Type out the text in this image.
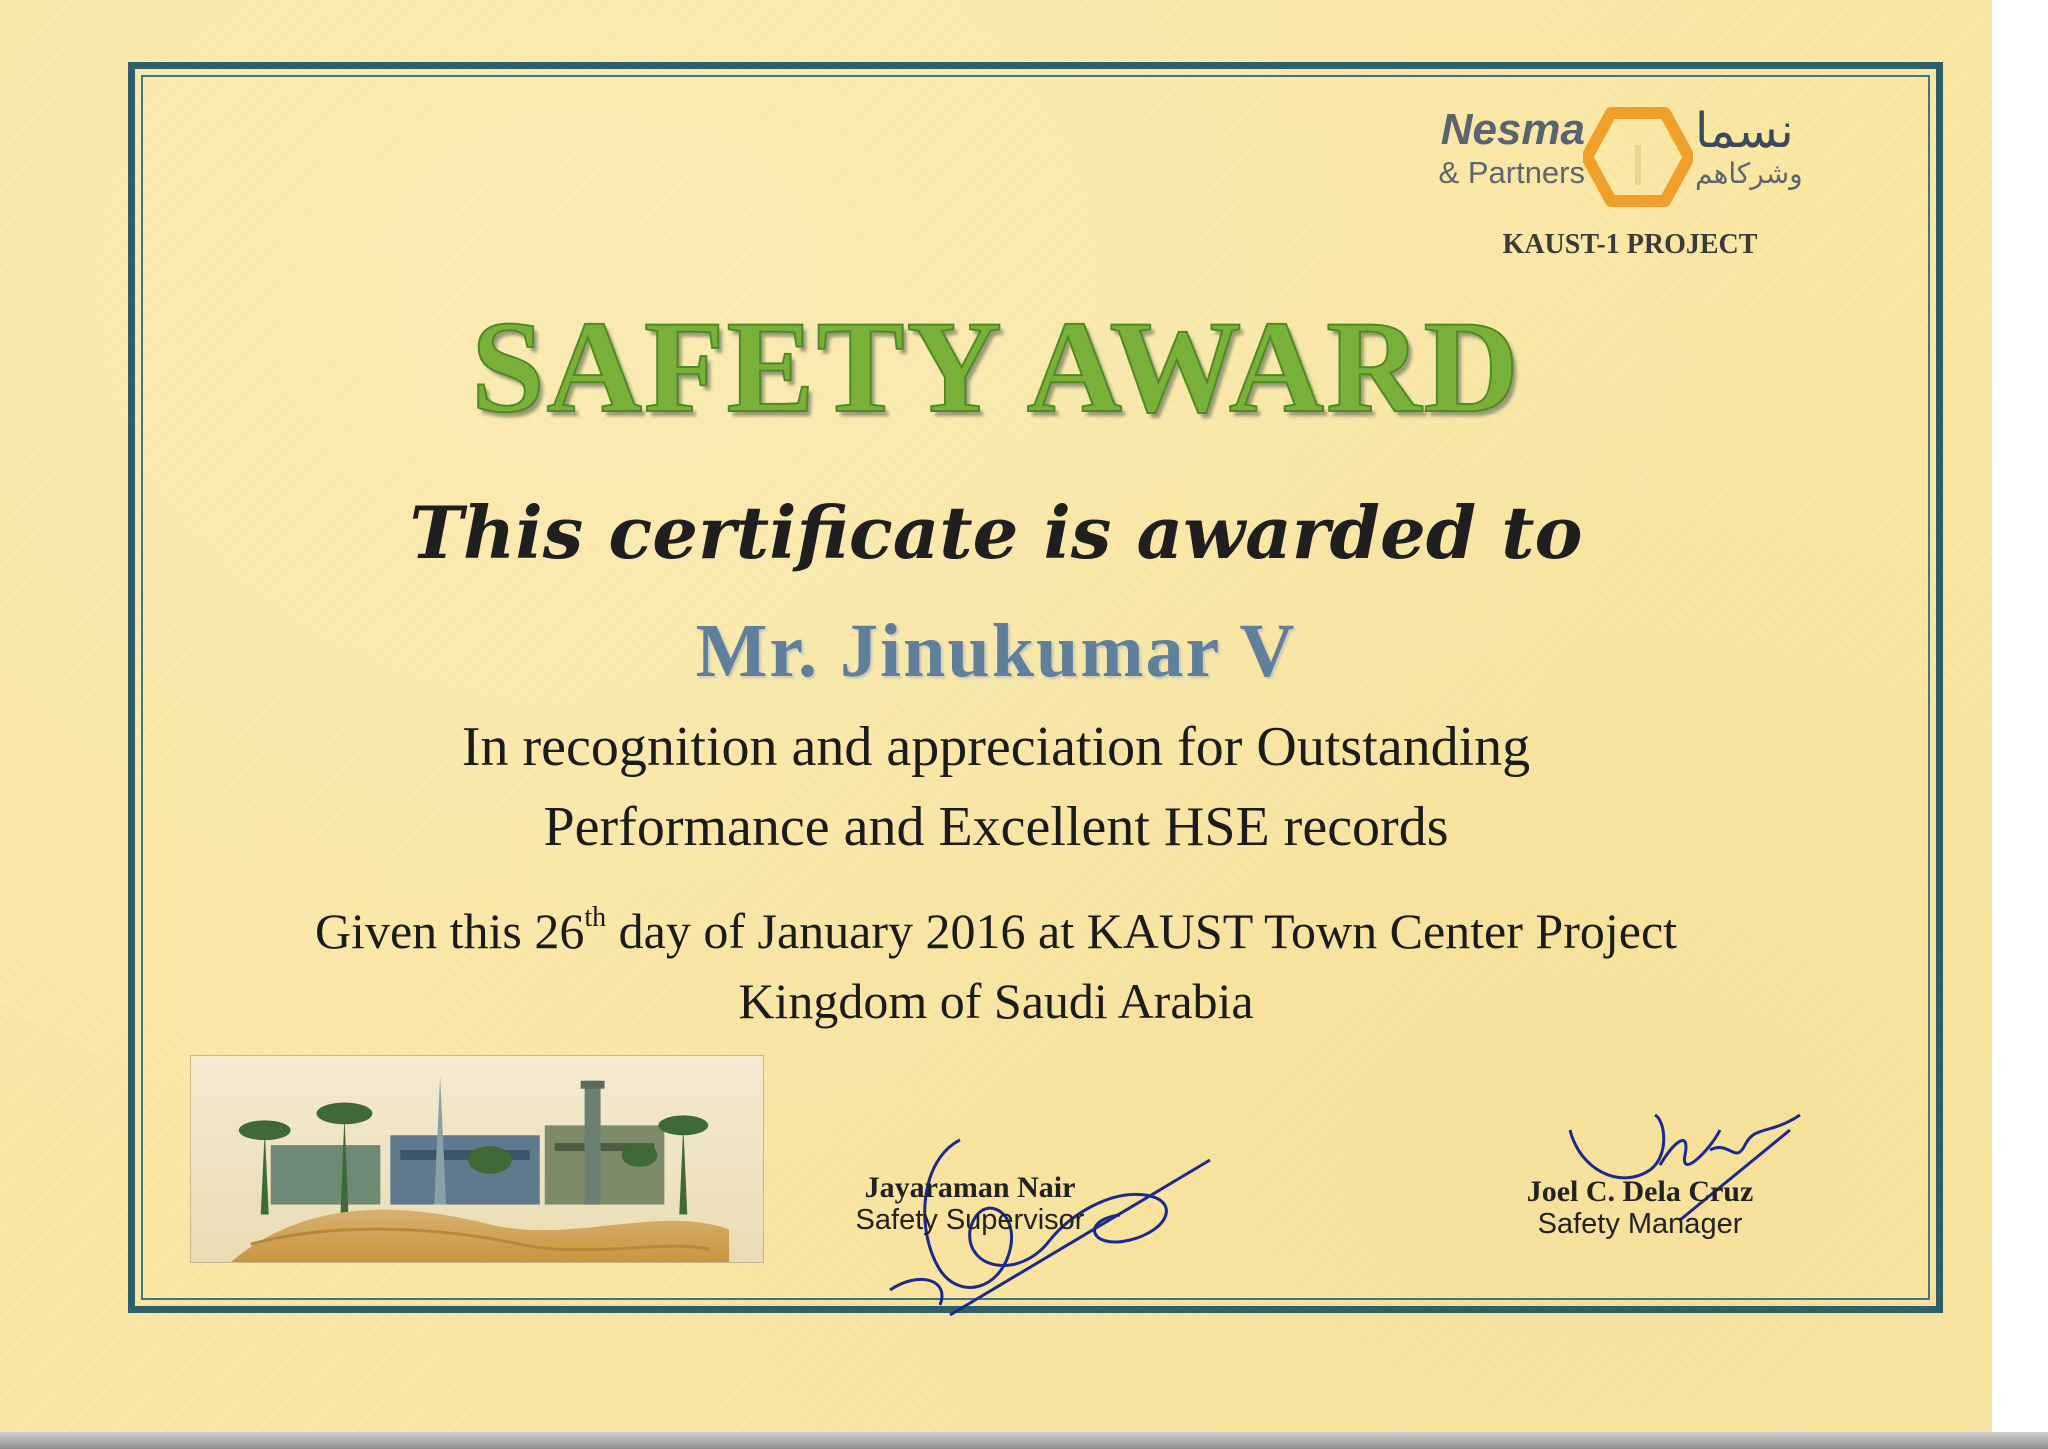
Nesma
& Partners
نسما
وشركاهم
KAUST-1 PROJECT
SAFETY AWARD
This certificate is awarded to
Mr. Jinukumar V
In recognition and appreciation for Outstanding
Performance and Excellent HSE records
Given this 26th day of January 2016 at KAUST Town Center Project
Kingdom of Saudi Arabia
Jayaraman Nair
Safety Supervisor
Joel C. Dela Cruz
Safety Manager
